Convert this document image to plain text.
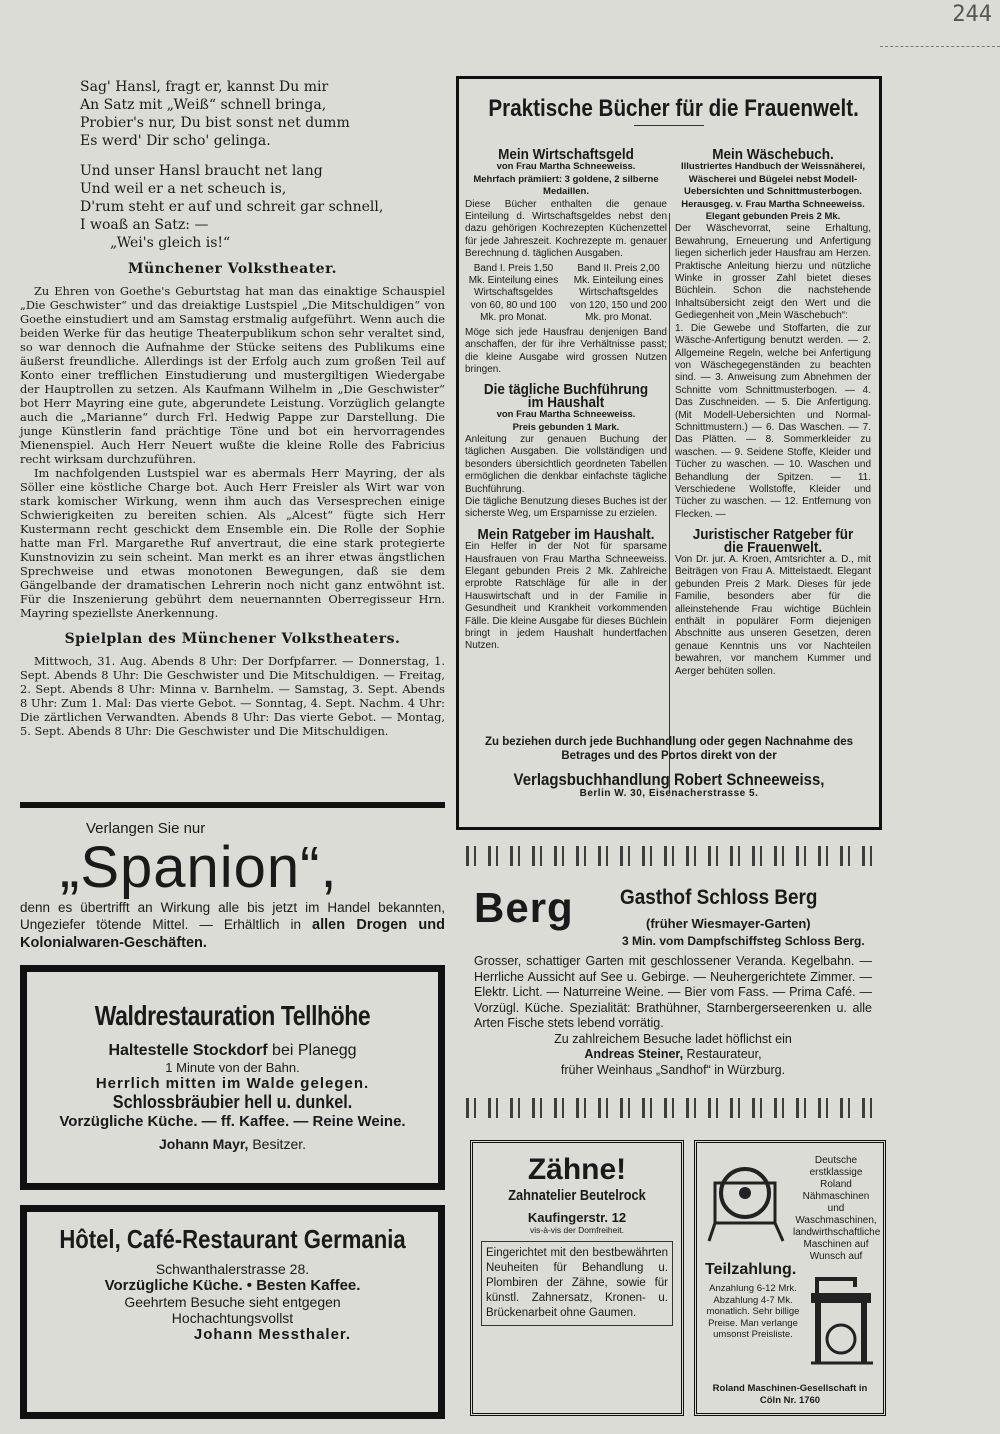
244

Sag' Hansl, fragt er, kannst Du mir
An Satz mit „Weiß“ schnell bringa,
Probier's nur, Du bist sonst net dumm
Es werd' Dir scho' gelinga.

Und unser Hansl braucht net lang
Und weil er a net scheuch is,
D'rum steht er auf und schreit gar schnell,
I woaß an Satz: —
„Wei's gleich is!“

Münchener Volkstheater.

Zu Ehren von Goethe's Geburtstag hat man das einaktige Schauspiel „Die Geschwister“ und das dreiaktige Lustspiel „Die Mitschuldigen“ von Goethe einstudiert und am Samstag erstmalig aufgeführt. Wenn auch die beiden Werke für das heutige Theaterpublikum schon sehr veraltet sind, so war dennoch die Aufnahme der Stücke seitens des Publikums eine äußerst freundliche. Allerdings ist der Erfolg auch zum großen Teil auf Konto einer trefflichen Einstudierung und mustergiltigen Wiedergabe der Hauptrollen zu setzen. Als Kaufmann Wilhelm in „Die Geschwister“ bot Herr Mayring eine gute, abgerundete Leistung. Vorzüglich gelangte auch die „Marianne“ durch Frl. Hedwig Pappe zur Darstellung. Die junge Künstlerin fand prächtige Töne und bot ein hervorragendes Mienenspiel. Auch Herr Neuert wußte die kleine Rolle des Fabricius recht wirksam durchzuführen.

Im nachfolgenden Lustspiel war es abermals Herr Mayring, der als Söller eine köstliche Charge bot. Auch Herr Freisler als Wirt war von stark komischer Wirkung, wenn ihm auch das Versesprechen einige Schwierigkeiten zu bereiten schien. Als „Alcest“ fügte sich Herr Kustermann recht geschickt dem Ensemble ein. Die Rolle der Sophie hatte man Frl. Margarethe Ruf anvertraut, die eine stark protegierte Kunstnovizin zu sein scheint. Man merkt es an ihrer etwas ängstlichen Sprechweise und etwas monotonen Bewegungen, daß sie dem Gängelbande der dramatischen Lehrerin noch nicht ganz entwöhnt ist. Für die Inszenierung gebührt dem neuernannten Oberregisseur Hrn. Mayring speziellste Anerkennung.

Spielplan des Münchener Volkstheaters.

Mittwoch, 31. Aug. Abends 8 Uhr: Der Dorfpfarrer. — Donnerstag, 1. Sept. Abends 8 Uhr: Die Geschwister und Die Mitschuldigen. — Freitag, 2. Sept. Abends 8 Uhr: Minna v. Barnhelm. — Samstag, 3. Sept. Abends 8 Uhr: Zum 1. Mal: Das vierte Gebot. — Sonntag, 4. Sept. Nachm. 4 Uhr: Die zärtlichen Verwandten. Abends 8 Uhr: Das vierte Gebot. — Montag, 5. Sept. Abends 8 Uhr: Die Geschwister und Die Mitschuldigen.

Verlangen Sie nur
„Spanion“,
denn es übertrifft an Wirkung alle bis jetzt im Handel bekannten, Ungeziefer tötende Mittel. — Erhältlich in allen Drogen und Kolonialwaren-Geschäften.
Waldrestauration Tellhöhe
Haltestelle Stockdorf bei Planegg
1 Minute von der Bahn.
Herrlich mitten im Walde gelegen.
Schlossbräubier hell u. dunkel.
Vorzügliche Küche. — ff. Kaffee. — Reine Weine.
Johann Mayr, Besitzer.
Hôtel, Café-Restaurant Germania
Schwanthalerstrasse 28.
Vorzügliche Küche. • Besten Kaffee.
Geehrtem Besuche sieht entgegen
Hochachtungsvollst
Johann Messthaler.
Praktische Bücher für die Frauenwelt.
Mein Wirtschaftsgeld
von Frau Martha Schneeweiss.
Mehrfach prämiiert: 3 goldene, 2 silberne Medaillen.
Diese Bücher enthalten die genaue Einteilung d. Wirtschaftsgeldes nebst den dazu gehörigen Kochrezepten Küchenzettel für jede Jahreszeit. Kochrezepte m. genauer Berechnung d. täglichen Ausgaben.
Band I. Preis 1,50 Mk. Einteilung eines Wirtschaftsgeldes von 60, 80 und 100 Mk. pro Monat.
Band II. Preis 2,00 Mk. Einteilung eines Wirtschaftsgeldes von 120, 150 und 200 Mk. pro Monat.
Möge sich jede Hausfrau denjenigen Band anschaffen, der für ihre Verhältnisse passt; die kleine Ausgabe wird grossen Nutzen bringen.
Die tägliche Buchführung im Haushalt
von Frau Martha Schneeweiss.
Preis gebunden 1 Mark.
Anleitung zur genauen Buchung der täglichen Ausgaben. Die vollständigen und besonders übersichtlich geordneten Tabellen ermöglichen die denkbar einfachste tägliche Buchführung.
Die tägliche Benutzung dieses Buches ist der sicherste Weg, um Ersparnisse zu erzielen.
Mein Ratgeber im Haushalt.
Ein Helfer in der Not für sparsame Hausfrauen von Frau Martha Schneeweiss. Elegant gebunden Preis 2 Mk. Zahlreiche erprobte Ratschläge für alle in der Hauswirtschaft und in der Familie in Gesundheit und Krankheit vorkommenden Fälle. Die kleine Ausgabe für dieses Büchlein bringt in jedem Haushalt hundertfachen Nutzen.
Mein Wäschebuch.
Illustriertes Handbuch der Weissnäherei, Wäscherei und Bügelei nebst Modell-Uebersichten und Schnittmusterbogen.
Herausgeg. v. Frau Martha Schneeweiss.
Elegant gebunden Preis 2 Mk.
Der Wäschevorrat, seine Erhaltung, Bewahrung, Erneuerung und Anfertigung liegen sicherlich jeder Hausfrau am Herzen. Praktische Anleitung hierzu und nützliche Winke in grosser Zahl bietet dieses Büchlein. Schon die nachstehende Inhaltsübersicht zeigt den Wert und die Gediegenheit von „Mein Wäschebuch“:
1. Die Gewebe und Stoffarten, die zur Wäsche-Anfertigung benutzt werden. — 2. Allgemeine Regeln, welche bei Anfertigung von Wäschegegenständen zu beachten sind. — 3. Anweisung zum Abnehmen der Schnitte vom Schnittmusterbogen. — 4. Das Zuschneiden. — 5. Die Anfertigung. (Mit Modell-Uebersichten und Normal-Schnittmustern.) — 6. Das Waschen. — 7. Das Plätten. — 8. Sommerkleider zu waschen. — 9. Seidene Stoffe, Kleider und Tücher zu waschen. — 10. Waschen und Behandlung der Spitzen. — 11. Verschiedene Wollstoffe, Kleider und Tücher zu waschen. — 12. Entfernung von Flecken. —
Juristischer Ratgeber für die Frauenwelt.
Von Dr. jur. A. Kroen, Amtsrichter a. D., mit Beiträgen von Frau A. Mittelstaedt. Elegant gebunden Preis 2 Mark. Dieses für jede Familie, besonders aber für die alleinstehende Frau wichtige Büchlein enthält in populärer Form diejenigen Abschnitte aus unseren Gesetzen, deren genaue Kenntnis uns vor Nachteilen bewahren, vor manchem Kummer und Aerger behüten sollen.
Zu beziehen durch jede Buchhandlung oder gegen Nachnahme des Betrages und des Portos direkt von der
Verlagsbuchhandlung Robert Schneeweiss,
Berlin W. 30, Eisenacherstrasse 5.
Berg Gasthof Schloss Berg
(früher Wiesmayer-Garten)
3 Min. vom Dampfschiffsteg Schloss Berg.
Grosser, schattiger Garten mit geschlossener Veranda. Kegelbahn. — Herrliche Aussicht auf See u. Gebirge. — Neuhergerichtete Zimmer. — Elektr. Licht. — Naturreine Weine. — Bier vom Fass. — Prima Café. — Vorzügl. Küche. Spezialität: Brathühner, Starnbergerseerenken u. alle Arten Fische stets lebend vorrätig.
Zu zahlreichem Besuche ladet höflichst ein
Andreas Steiner, Restaurateur,
früher Weinhaus „Sandhof“ in Würzburg.
Zähne!
Zahnatelier Beutelrock
Kaufingerstr. 12
vis-à-vis der Domfreiheit.
Eingerichtet mit den bestbewährten Neuheiten für Behandlung u. Plombiren der Zähne, sowie für künstl. Zahnersatz, Kronen- u. Brückenarbeit ohne Gaumen.
Deutsche erstklassige Roland Nähmaschinen und Waschmaschinen, landwirthschaftliche Maschinen auf Wunsch auf
Teilzahlung.
Anzahlung 6-12 Mrk. Abzahlung 4-7 Mk. monatlich. Sehr billige Preise. Man verlange umsonst Preisliste.
Roland Maschinen-Gesellschaft in Cöln Nr. 1760
